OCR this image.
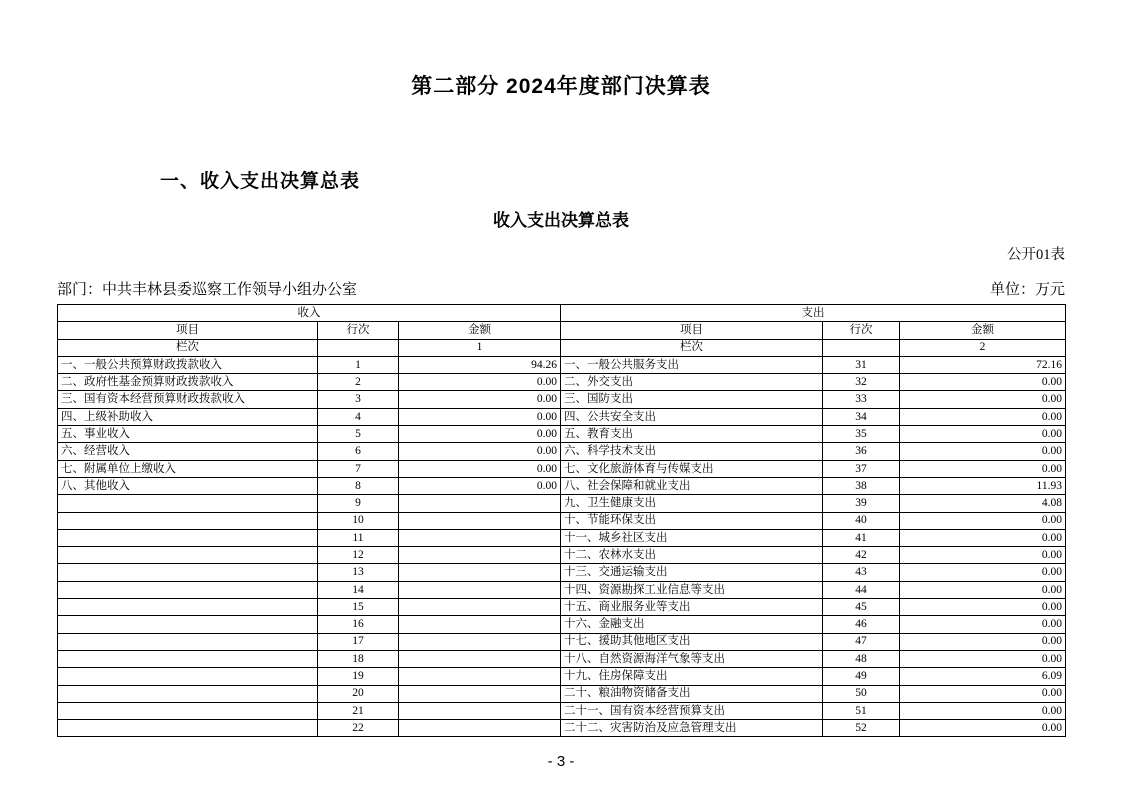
第二部分 2024年度部门决算表
一、收入支出决算总表
收入支出决算总表
公开01表
部门：中共丰林县委巡察工作领导小组办公室	单位：万元
收入			支出		
项目	行次	金额	项目	行次	金额
栏次		1	栏次		2
一、一般公共预算财政拨款收入	1	94.26	一、一般公共服务支出	31	72.16
二、政府性基金预算财政拨款收入	2	0.00	二、外交支出	32	0.00
三、国有资本经营预算财政拨款收入	3	0.00	三、国防支出	33	0.00
四、上级补助收入	4	0.00	四、公共安全支出	34	0.00
五、事业收入	5	0.00	五、教育支出	35	0.00
六、经营收入	6	0.00	六、科学技术支出	36	0.00
七、附属单位上缴收入	7	0.00	七、文化旅游体育与传媒支出	37	0.00
八、其他收入	8	0.00	八、社会保障和就业支出	38	11.93
	9		九、卫生健康支出	39	4.08
	10		十、节能环保支出	40	0.00
	11		十一、城乡社区支出	41	0.00
	12		十二、农林水支出	42	0.00
	13		十三、交通运输支出	43	0.00
	14		十四、资源勘探工业信息等支出	44	0.00
	15		十五、商业服务业等支出	45	0.00
	16		十六、金融支出	46	0.00
	17		十七、援助其他地区支出	47	0.00
	18		十八、自然资源海洋气象等支出	48	0.00
	19		十九、住房保障支出	49	6.09
	20		二十、粮油物资储备支出	50	0.00
	21		二十一、国有资本经营预算支出	51	0.00
	22		二十二、灾害防治及应急管理支出	52	0.00
- 3 -
